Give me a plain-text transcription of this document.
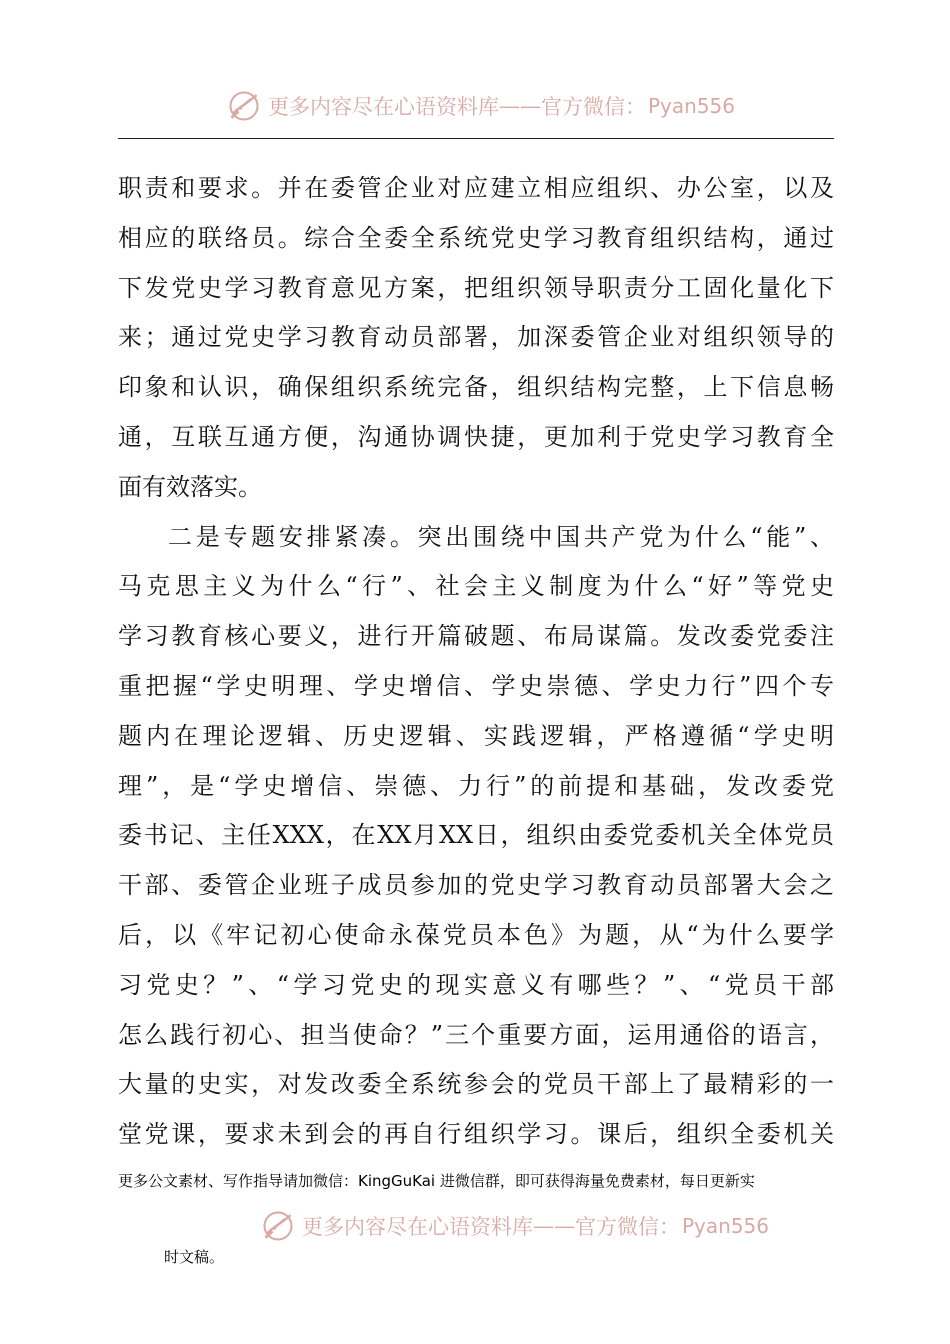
更多内容尽在心语资料库 —— 官方微信： Pyan556
职责和要求。并在委管企业对应建立相应组织、办公室，以及
相应的联络员。综合全委全系统党史学习教育组织结构，通过
下发党史学习教育意见方案，把组织领导职责分工固化量化下
来；通过党史学习教育动员部署，加深委管企业对组织领导的
印象和认识，确保组织系统完备，组织结构完整，上下信息畅
通，互联互通方便，沟通协调快捷，更加利于党史学习教育全
面有效落实。
二是专题安排紧凑。突出围绕中国共产党为什么“能”、
马克思主义为什么“行”、社会主义制度为什么“好”等党史
学习教育核心要义，进行开篇破题、布局谋篇。发改委党委注
重把握“学史明理、学史增信、学史崇德、学史力行”四个专
题内在理论逻辑、历史逻辑、实践逻辑，严格遵循“学史明
理”，是“学史增信、崇德、力行”的前提和基础，发改委党
委书记、主任XXX，在XX月XX日，组织由委党委机关全体党员
干部、委管企业班子成员参加的党史学习教育动员部署大会之
后，以《牢记初心使命永葆党员本色》为题，从“为什么要学
习党史？”、“学习党史的现实意义有哪些？”、“党员干部
怎么践行初心、担当使命？”三个重要方面，运用通俗的语言，
大量的史实，对发改委全系统参会的党员干部上了最精彩的一
堂党课，要求未到会的再自行组织学习。课后，组织全委机关
更多公文素材、写作指导请加微信：KingGuKai 进微信群，即可获得海量免费素材，每日更新实
更多内容尽在心语资料库 —— 官方微信： Pyan556
时文稿。
